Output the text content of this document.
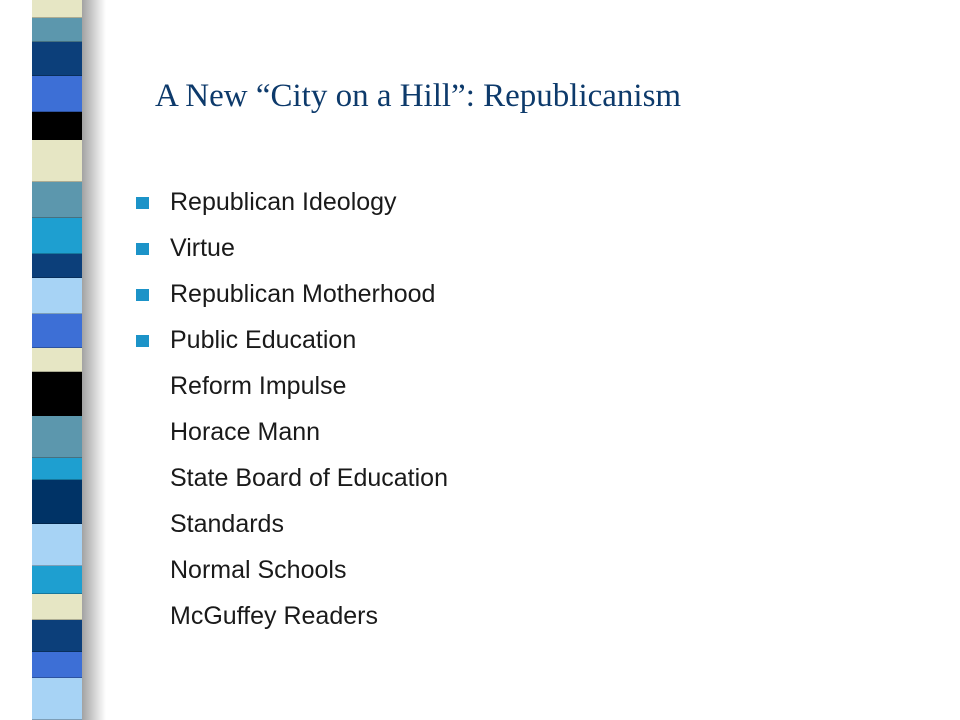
A New “City on a Hill”: Republicanism
Republican Ideology
Virtue
Republican Motherhood
Public Education
Reform Impulse
Horace Mann
State Board of Education
Standards
Normal Schools
McGuffey Readers
